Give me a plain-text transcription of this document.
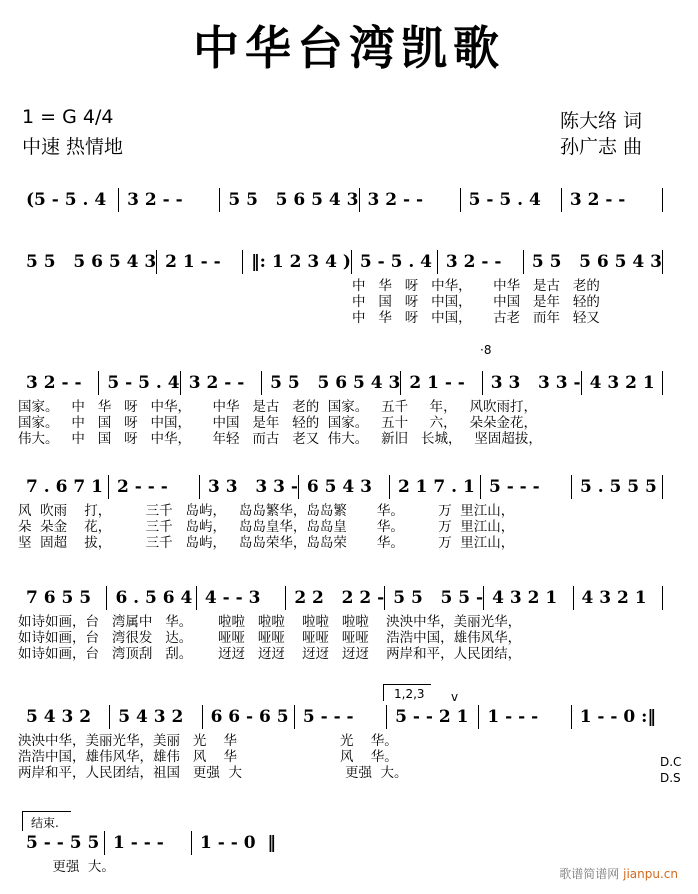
中华台湾凯歌
1 = G 4/4
中速 热情地
陈大络 词
孙广志 曲
(5 - 5 . 4	3 2 - -	5 5   5 6 5 4 3 3 2 - -	5 - 5 . 4	3 2 - -
5 5   5 6 5 4 3 2 1 - -	‖: 1 2 3 4 ) 5 - 5 . 4 3 2 - -	5 5   5 6 5 4 3
中   华   呀   中华，     中华   是古   老的
中   国   呀   中国，     中国   是年   轻的
中   华   呀   中国，     古老   而年   轻又
3 2 - -	5 - 5 . 4 3 2 - -	5 5   5 6 5 4 3 2 1 - -	3 3   3 3 - 4 3 2 1
国家。   中   华   呀   中华，     中华   是古   老的  国家。   五千     年，   风吹雨打，
国家。   中   国   呀   中国，     中国   是年   轻的  国家。   五十     六，   朵朵金花，
伟大。   中   国   呀   中华，     年轻   而古   老又  伟大。   新旧   长城，   坚固超拔，
7 . 6 7 1 2 - - -	3 3   3 3 - 6 5 4 3	2 1 7 . 1 5 - - -	5 . 5 5 5
风  吹雨    打，        三千   岛屿，   岛岛繁华，岛岛繁       华。        万  里江山，
朵  朵金    花，        三千   岛屿，   岛岛皇华，岛岛皇       华。        万  里江山，
坚  固超    拔，        三千   岛屿，   岛岛荣华，岛岛荣       华。        万  里江山，
7 6 5 5	6 . 5 6 4 4 - - 3	2 2   2 2 - 5 5   5 5 - 4 3 2 1	4 3 2 1
如诗如画，台   湾属中   华。      啦啦   啦啦    啦啦   啦啦    泱泱中华，美丽光华，
如诗如画，台   湾很发   达。      哑哑   哑哑    哑哑   哑哑    浩浩中国，雄伟风华，
如诗如画，台   湾顶刮   刮。      迓迓   迓迓    迓迓   迓迓    两岸和平，人民团结，
5 4 3 2	5 4 3 2	6 6 - 6 5 5 - - -	5 - - 2 1	1 - - -	1 - - 0 :‖
泱泱中华，美丽光华，美丽   光    华                        光    华。
浩浩中国，雄伟风华，雄伟   风    华                        风    华。
两岸和平，人民团结，祖国   更强  大                        更强  大。
5 - - 5 5 1 - - -	1 - - 0  ‖
更强  大。
·8
1,2,3	v
D.C
D.S
结束.
歌谱简谱网 jianpu.cn
